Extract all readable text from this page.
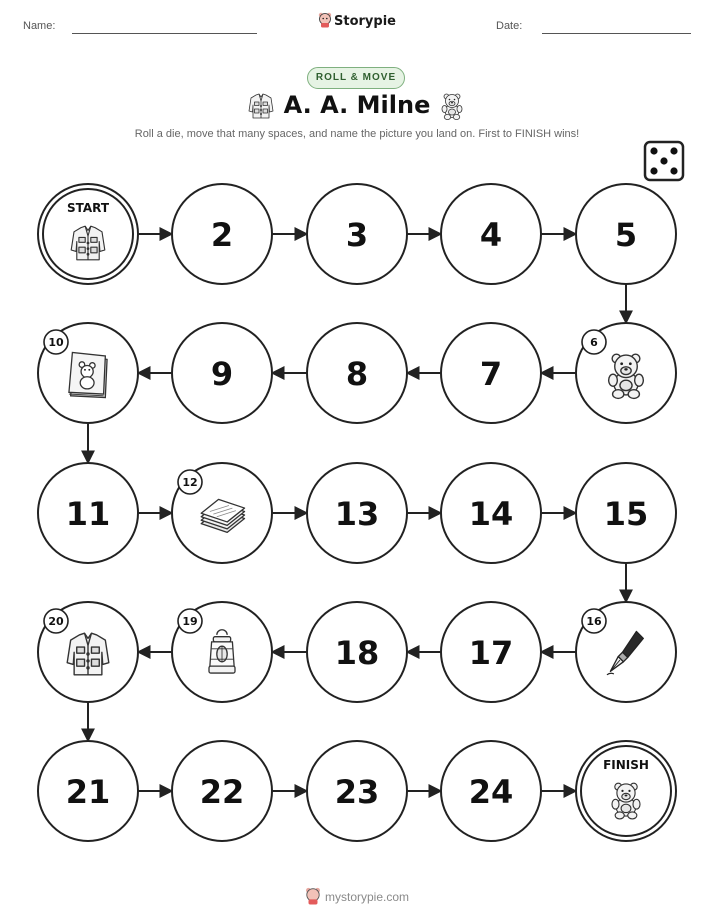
Name:	Storypie	Date:
ROLL & MOVE
A. A. Milne
Roll a die, move that many spaces, and name the picture you land on. First to FINISH wins!
START
2	3	4	5
6
7
8
9
10
11
12
13	14	15
16
17
18
19
20
21	22	23	24
FINISH
mystorypie.com
